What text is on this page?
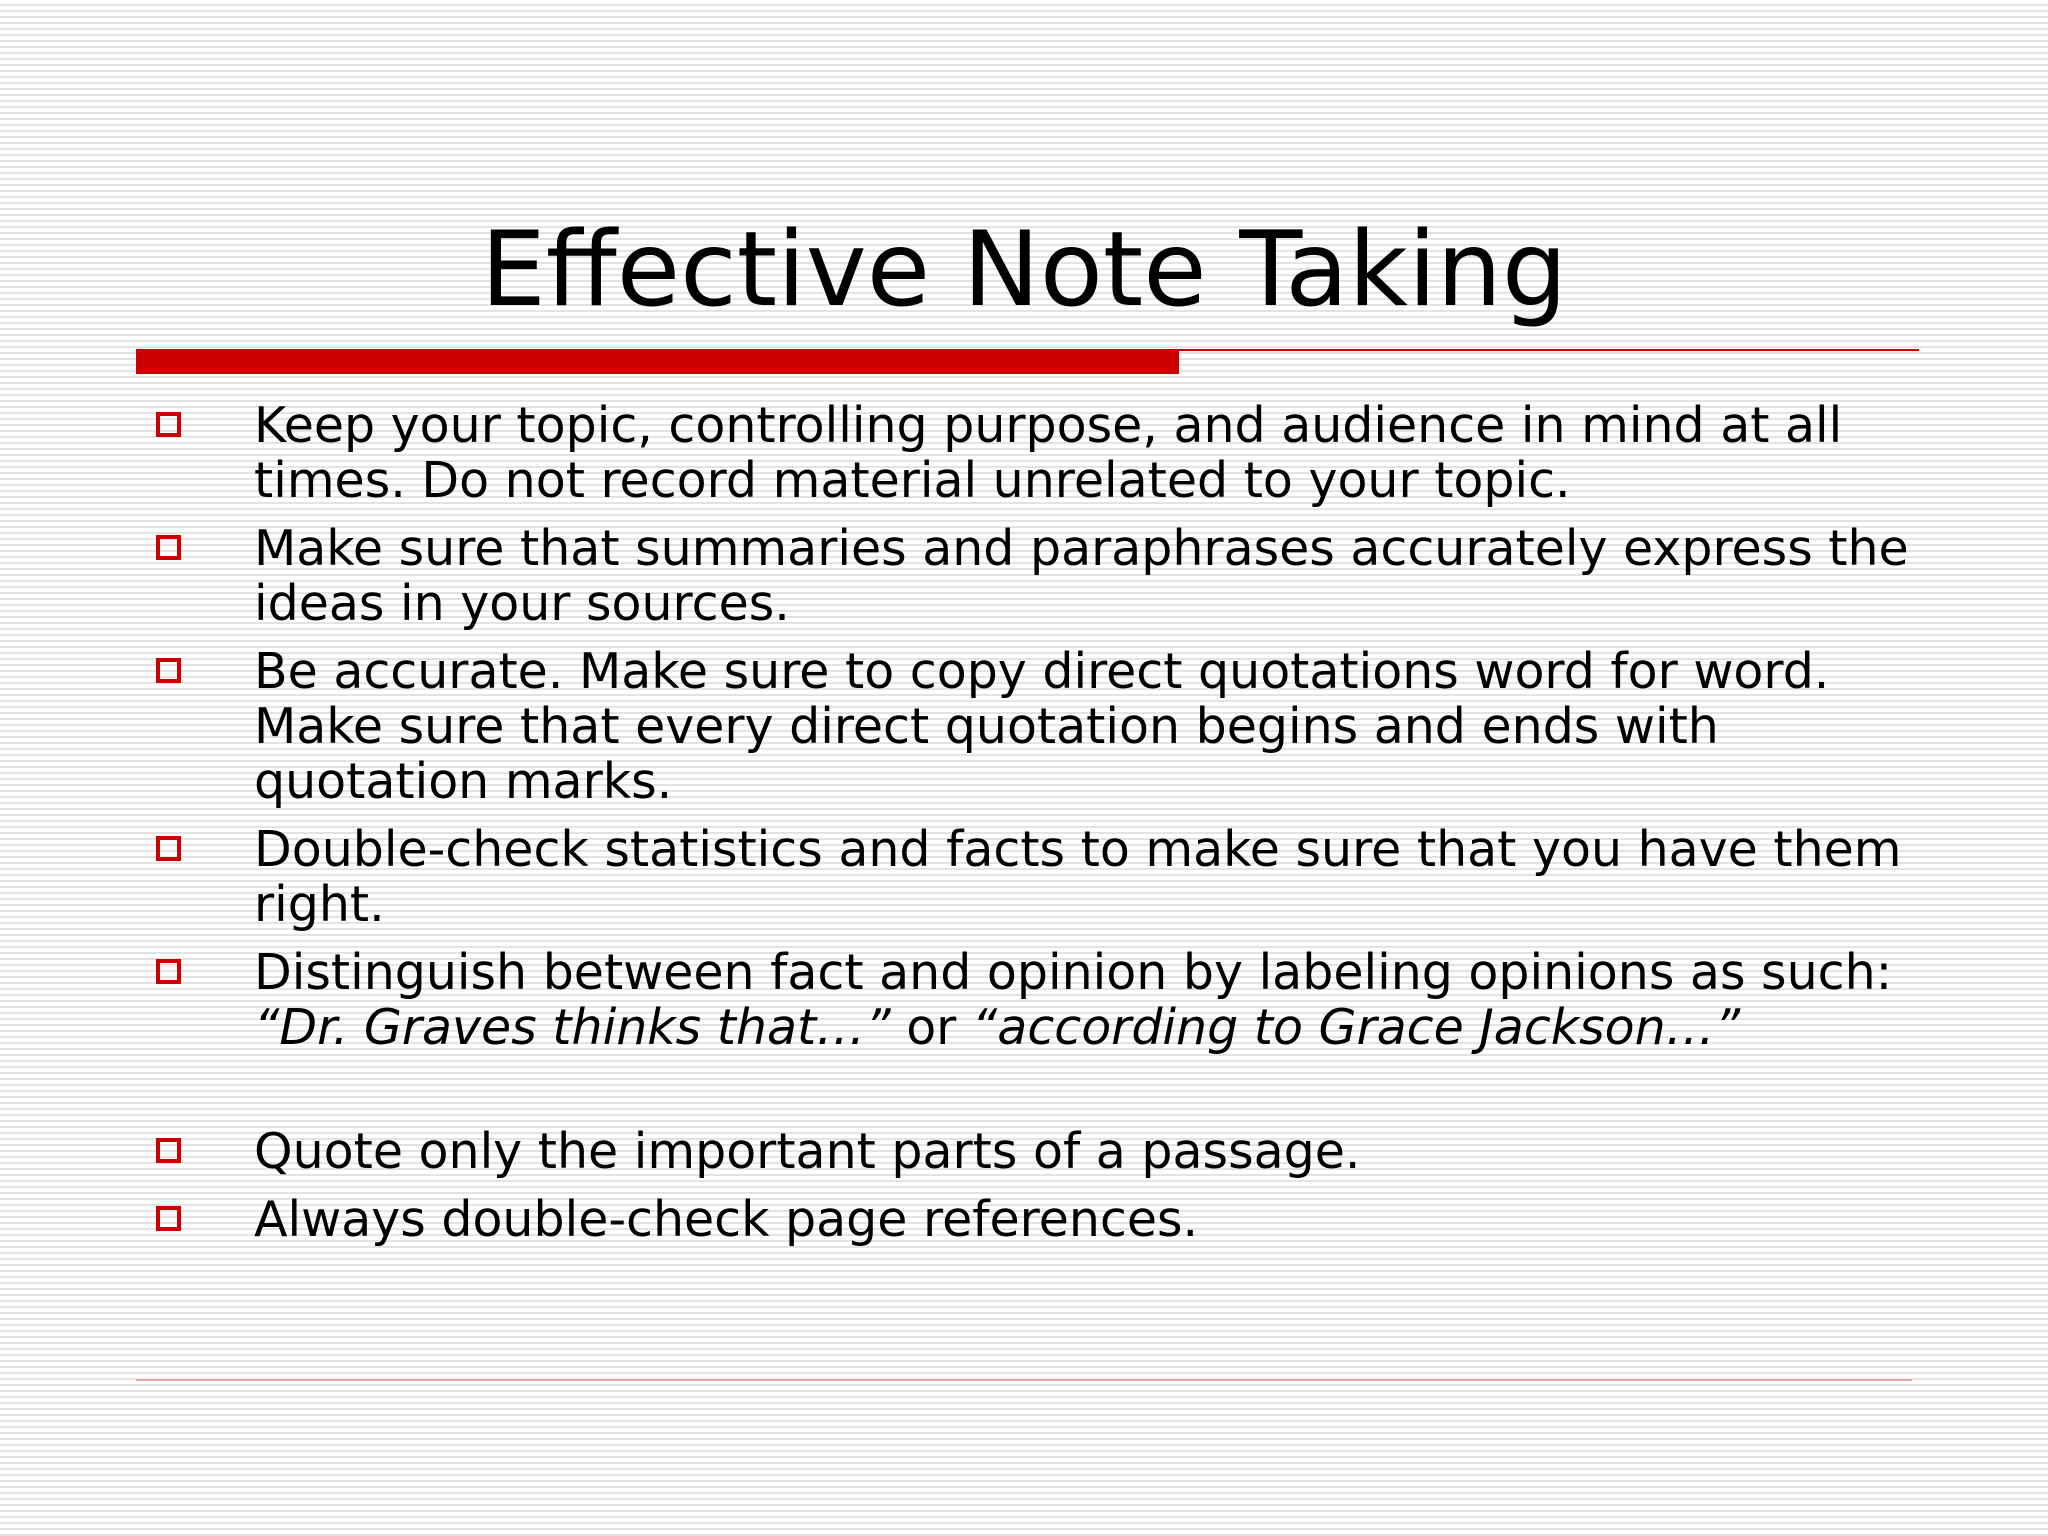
Effective Note Taking
Keep your topic, controlling purpose, and audience in mind at all times. Do not record material unrelated to your topic.
Make sure that summaries and paraphrases accurately express the ideas in your sources.
Be accurate. Make sure to copy direct quotations word for word. Make sure that every direct quotation begins and ends with quotation marks.
Double-check statistics and facts to make sure that you have them right.
Distinguish between fact and opinion by labeling opinions as such: “Dr. Graves thinks that…” or “according to Grace Jackson…”
Quote only the important parts of a passage.
Always double-check page references.
